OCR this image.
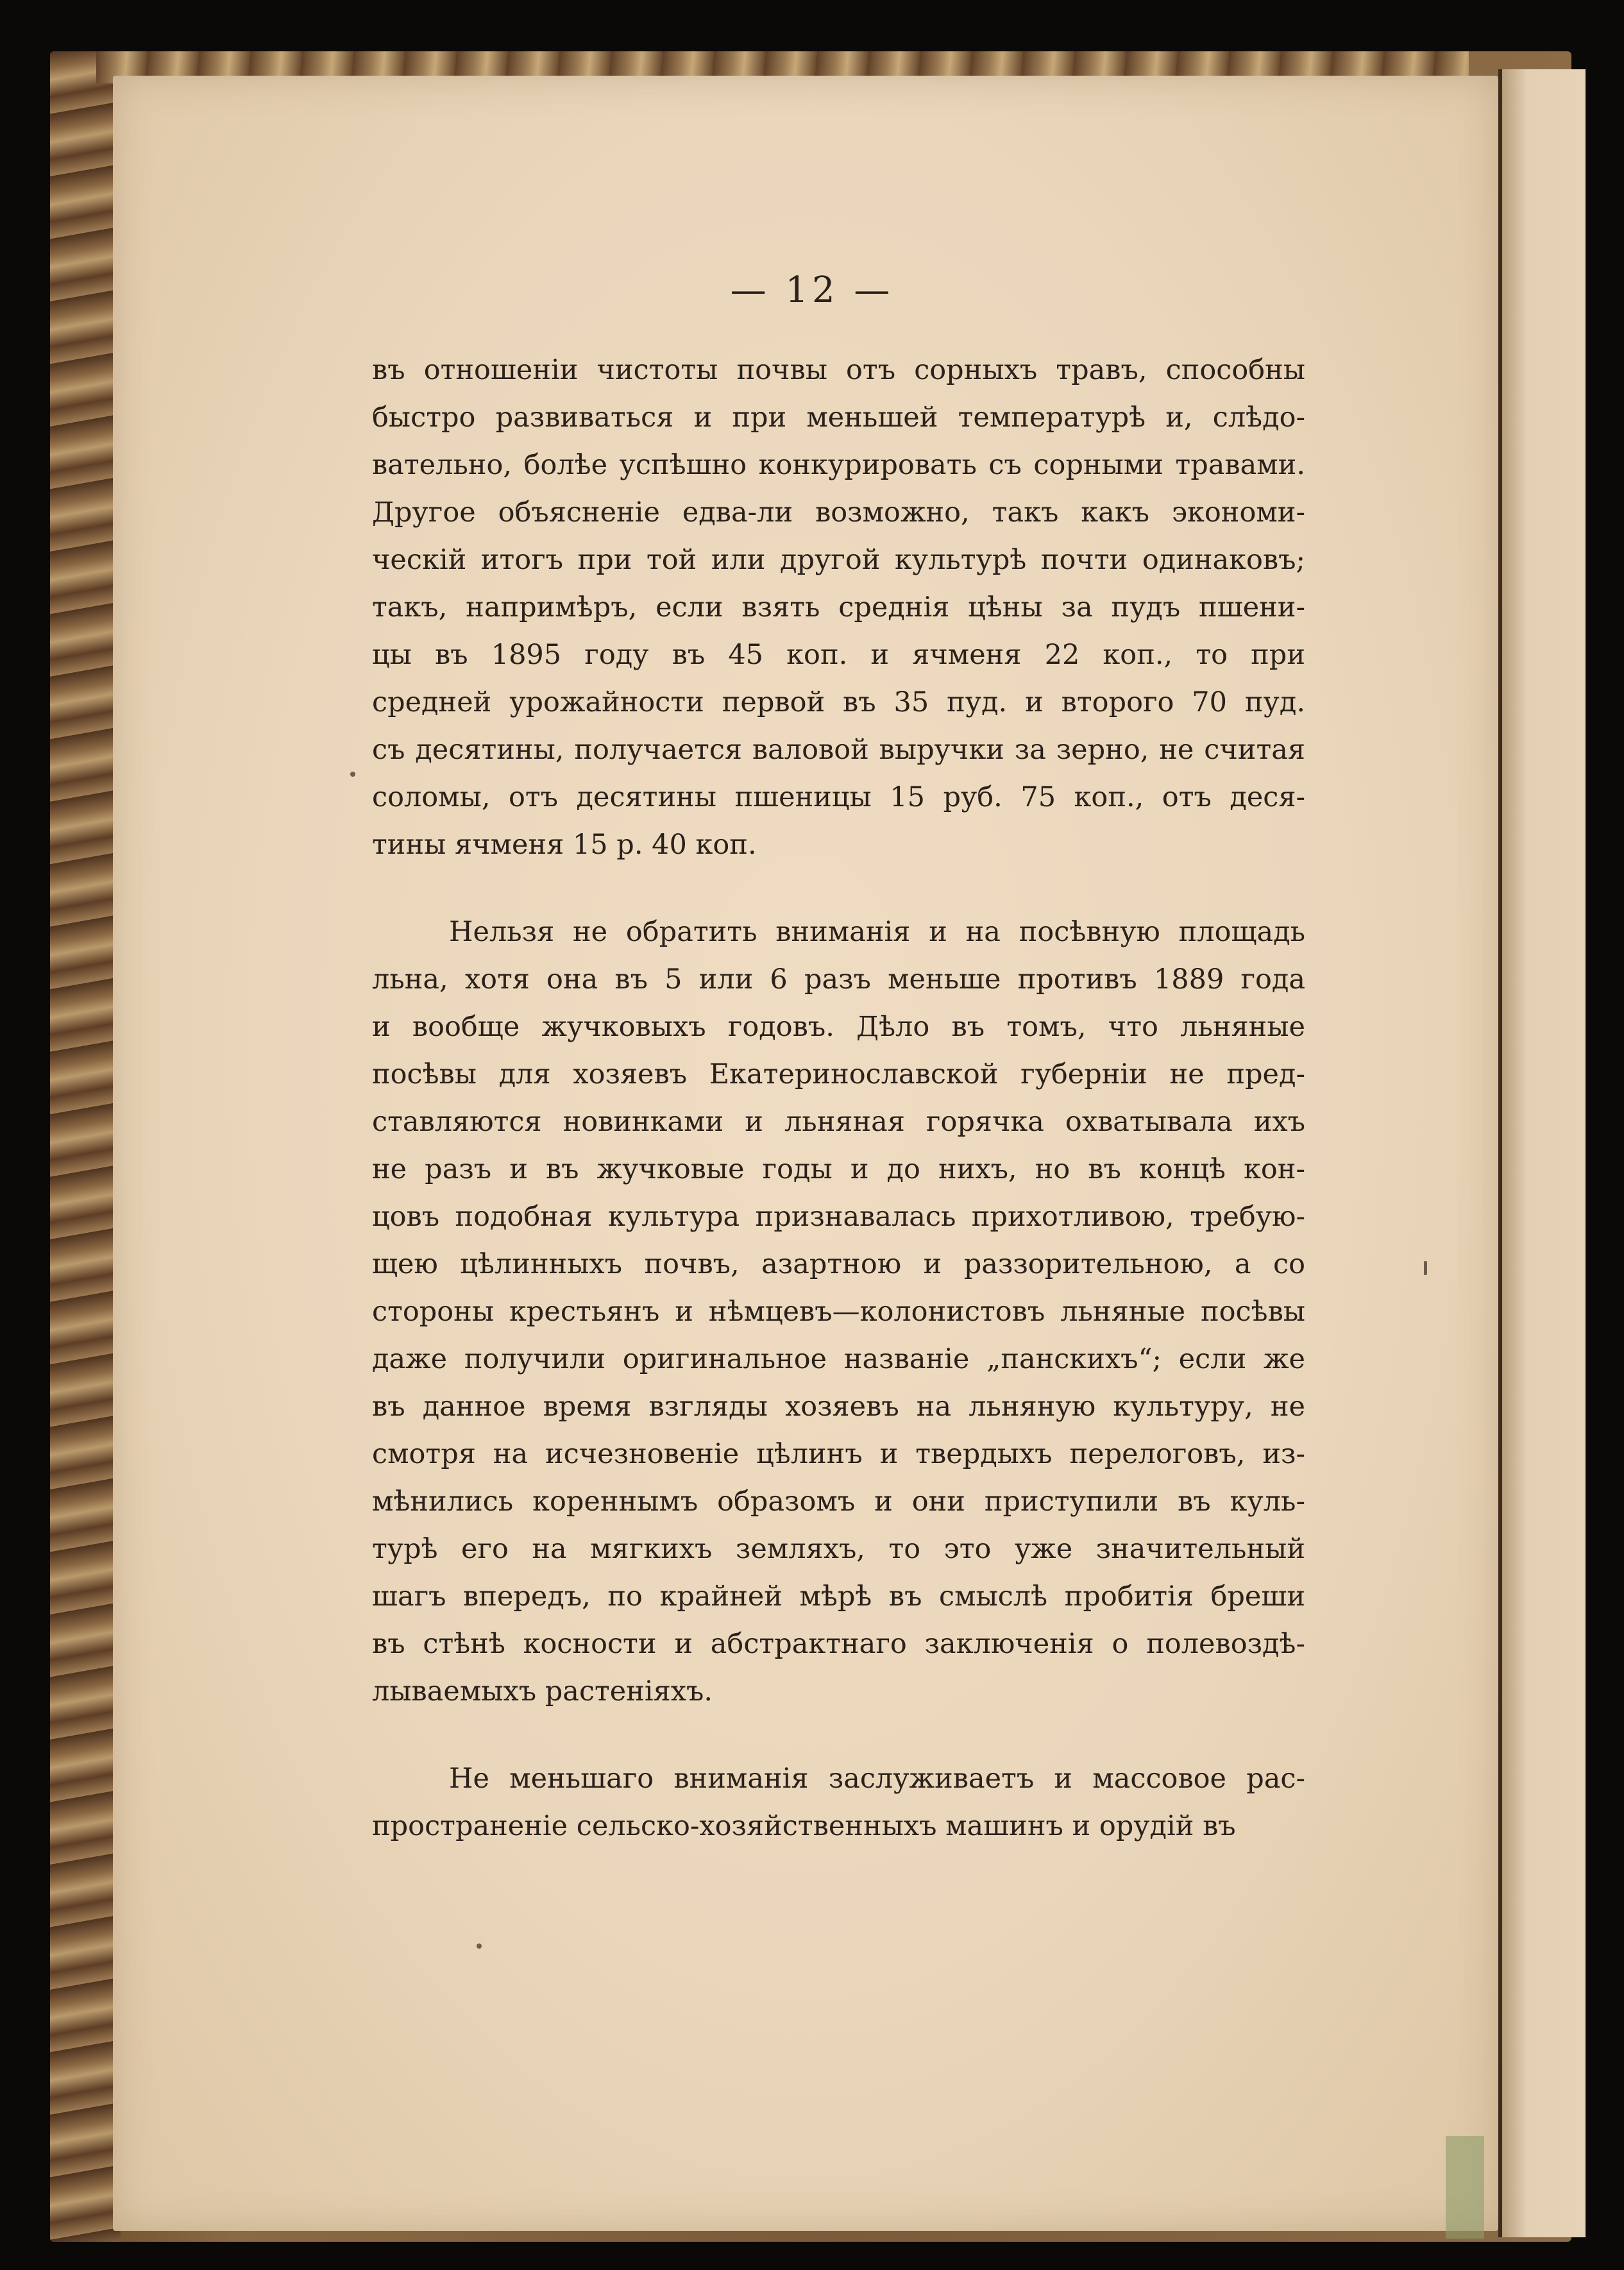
— 12 —
въ отношеніи чистоты почвы отъ сорныхъ травъ, способны
быстро развиваться и при меньшей температурѣ и, слѣдо-
вательно, болѣе успѣшно конкурировать съ сорными травами.
Другое объясненіе едва-ли возможно, такъ какъ экономи-
ческій итогъ при той или другой культурѣ почти одинаковъ;
такъ, напримѣръ, если взять среднія цѣны за пудъ пшени-
цы въ 1895 году въ 45 коп. и ячменя 22 коп., то при
средней урожайности первой въ 35 пуд. и второго 70 пуд.
съ десятины, получается валовой выручки за зерно, не считая
соломы, отъ десятины пшеницы 15 руб. 75 коп., отъ деся-
тины ячменя 15 р. 40 коп.
Нельзя не обратить вниманія и на посѣвную площадь
льна, хотя она въ 5 или 6 разъ меньше противъ 1889 года
и вообще жучковыхъ годовъ. Дѣло въ томъ, что льняные
посѣвы для хозяевъ Екатеринославской губерніи не пред-
ставляются новинками и льняная горячка охватывала ихъ
не разъ и въ жучковые годы и до нихъ, но въ концѣ кон-
цовъ подобная культура признавалась прихотливою, требую-
щею цѣлинныхъ почвъ, азартною и раззорительною, а со
стороны крестьянъ и нѣмцевъ—колонистовъ льняные посѣвы
даже получили оригинальное названіе „панскихъ“; если же
въ данное время взгляды хозяевъ на льняную культуру, не
смотря на исчезновеніе цѣлинъ и твердыхъ перелоговъ, из-
мѣнились кореннымъ образомъ и они приступили въ куль-
турѣ его на мягкихъ земляхъ, то это уже значительный
шагъ впередъ, по крайней мѣрѣ въ смыслѣ пробитія бреши
въ стѣнѣ косности и абстрактнаго заключенія о полевоздѣ-
лываемыхъ растеніяхъ.
Не меньшаго вниманія заслуживаетъ и массовое рас-
пространеніе сельско-хозяйственныхъ машинъ и орудій въ
